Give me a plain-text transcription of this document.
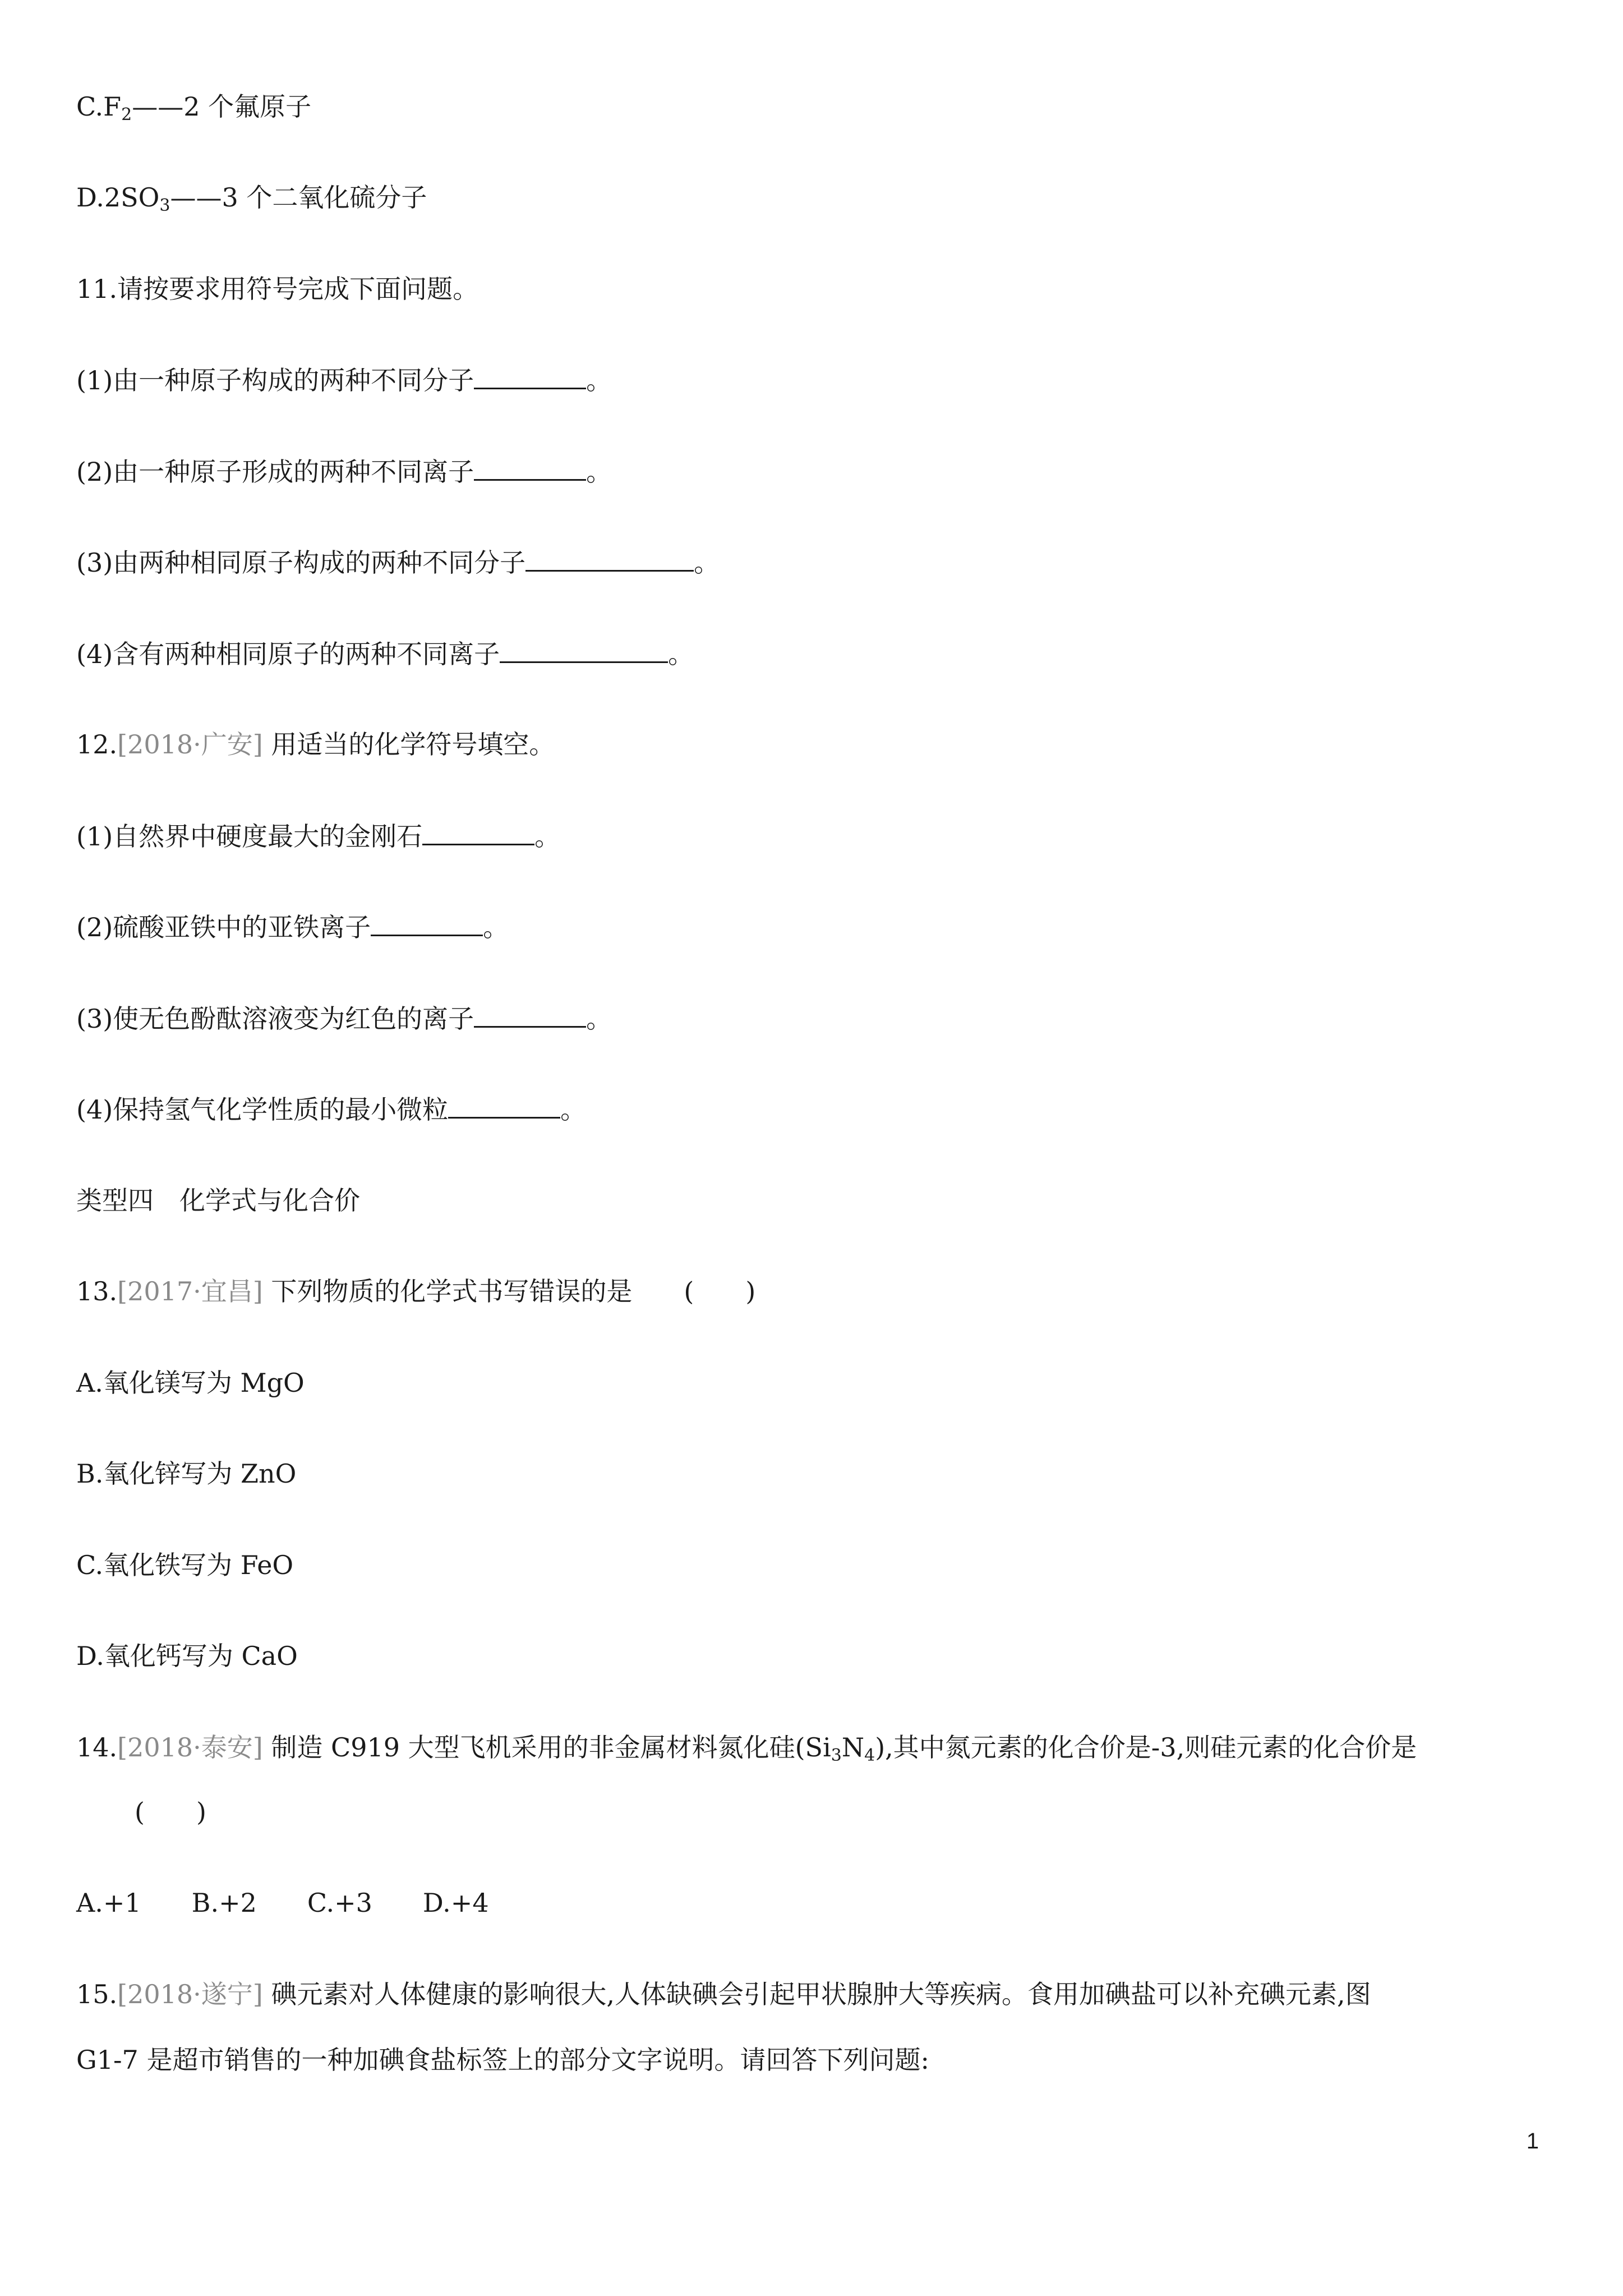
$C.F_2——2$ 个氟原子
$D.2SO_3——3$ 个二氧化硫分子
11.请按要求用符号完成下面问题。
(1)由一种原子构成的两种不同分子	。
(2)由一种原子形成的两种不同离子	。
(3)由两种相同原子构成的两种不同分子	。
(4)含有两种相同原子的两种不同离子	。
12.[2018·广安] 用适当的化学符号填空。
(1)自然界中硬度最大的金刚石	。
(2)硫酸亚铁中的亚铁离子	。
(3)使无色酚酞溶液变为红色的离子	。
(4)保持氢气化学性质的最小微粒	。
类型四　化学式与化合价
13.[2017·宜昌] 下列物质的化学式书写错误的是　　(　　)
A.氧化镁写为 MgO
B.氧化锌写为 ZnO
C.氧化铁写为 FeO
D.氧化钙写为 CaO
14.[2018·泰安] 制造 C919 大型飞机采用的非金属材料氮化硅$(Si_3N_4)$,其中氮元素的化合价是-3,则硅元素的化合价是
(　　)
A.+1 B.+2 C.+3 D.+4
15.[2018·遂宁] 碘元素对人体健康的影响很大,人体缺碘会引起甲状腺肿大等疾病。食用加碘盐可以补充碘元素,图
G1-7 是超市销售的一种加碘食盐标签上的部分文字说明。请回答下列问题:
1
